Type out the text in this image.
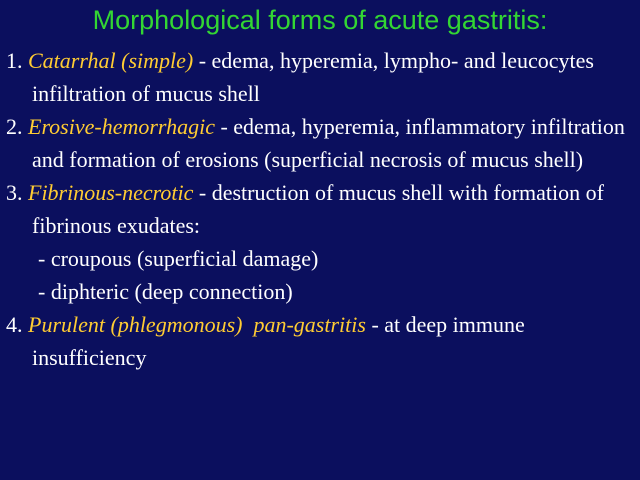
Morphological forms of acute gastritis:

1. Catarrhal (simple) - edema, hyperemia, lympho- and leucocytes infiltration of mucus shell

2. Erosive-hemorrhagic - edema, hyperemia, inflammatory infiltration and formation of erosions (superficial necrosis of mucus shell)

3. Fibrinous-necrotic - destruction of mucus shell with formation of fibrinous exudates:

- croupous (superficial damage)

- diphteric (deep connection)

4. Purulent (phlegmonous) pan-gastritis - at deep immune insufficiency
